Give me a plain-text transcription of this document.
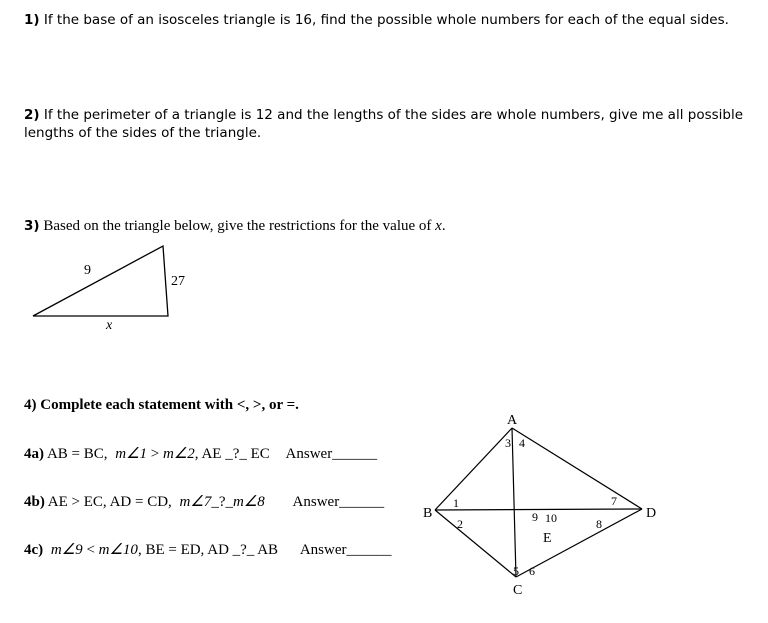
1) If the base of an isosceles triangle is 16, find the possible whole numbers for each of the equal sides.
2) If the perimeter of a triangle is 12 and the lengths of the sides are whole numbers, give me all possible
lengths of the sides of the triangle.
3) Based on the triangle below, give the restrictions for the value of x.
9
27
x
4) Complete each statement with <, >, or =.
4a) AB = BC, m∠1 > m∠2, AE _?_ EC Answer______
4b) AE > EC, AD = CD, m∠7_?_m∠8 Answer______
4c) m∠9 < m∠10, BE = ED, AD _?_ AB Answer______
A
B
C
D
E
1
2
3 4
5 6
7
8
9 10
